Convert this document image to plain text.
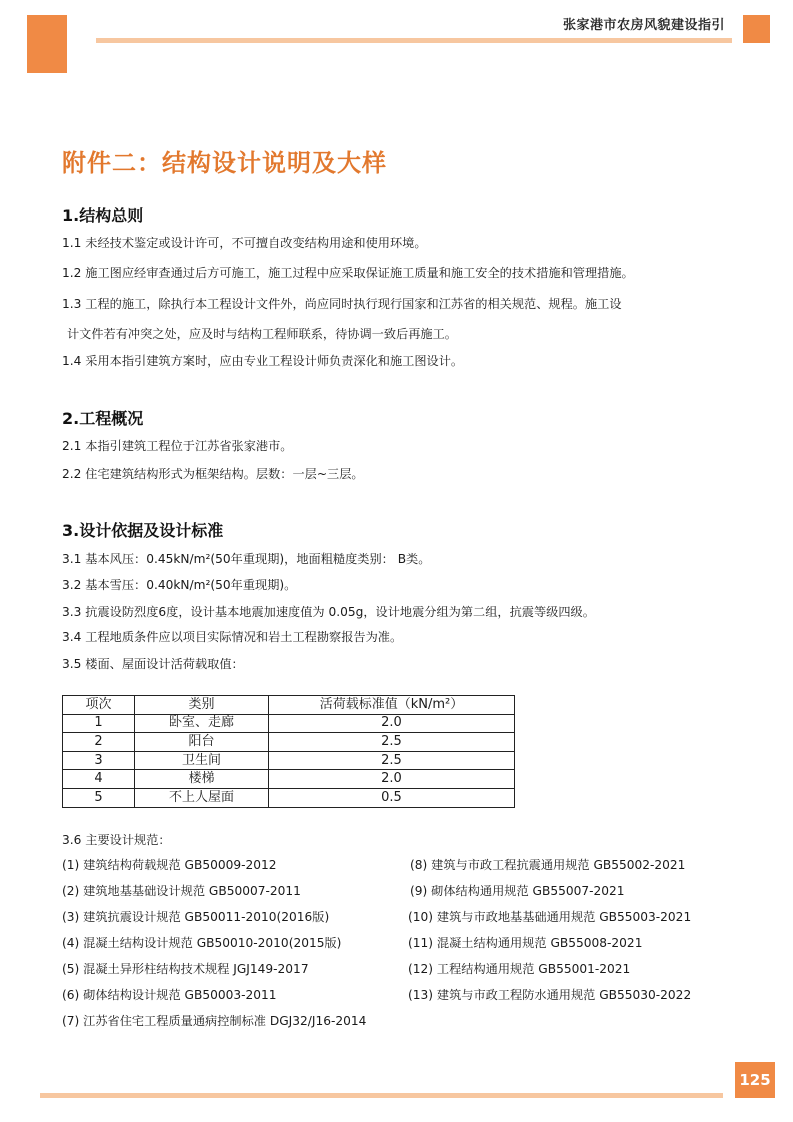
张家港市农房风貌建设指引
附件二：结构设计说明及大样
1.结构总则
1.1 未经技术鉴定或设计许可，不可擅自改变结构用途和使用环境。
1.2 施工图应经审查通过后方可施工，施工过程中应采取保证施工质量和施工安全的技术措施和管理措施。
1.3 工程的施工，除执行本工程设计文件外，尚应同时执行现行国家和江苏省的相关规范、规程。施工设
计文件若有冲突之处，应及时与结构工程师联系，待协调一致后再施工。
1.4 采用本指引建筑方案时，应由专业工程设计师负责深化和施工图设计。
2.工程概况
2.1 本指引建筑工程位于江苏省张家港市。
2.2 住宅建筑结构形式为框架结构。层数：一层~三层。
3.设计依据及设计标准
3.1 基本风压：0.45kN/m²(50年重现期)，地面粗糙度类别： B类。
3.2 基本雪压：0.40kN/m²(50年重现期)。
3.3 抗震设防烈度6度，设计基本地震加速度值为 0.05g，设计地震分组为第二组，抗震等级四级。
3.4 工程地质条件应以项目实际情况和岩土工程勘察报告为准。
3.5 楼面、屋面设计活荷载取值：
项次	类别	活荷载标准值（kN/m²）
1	卧室、走廊	2.0
2	阳台	2.5
3	卫生间	2.5
4	楼梯	2.0
5	不上人屋面	0.5
3.6 主要设计规范：
(1) 建筑结构荷载规范 GB50009-2012
(2) 建筑地基基础设计规范 GB50007-2011
(3) 建筑抗震设计规范 GB50011-2010(2016版)
(4) 混凝土结构设计规范 GB50010-2010(2015版)
(5) 混凝土异形柱结构技术规程 JGJ149-2017
(6) 砌体结构设计规范 GB50003-2011
(7) 江苏省住宅工程质量通病控制标准 DGJ32/J16-2014
(8) 建筑与市政工程抗震通用规范 GB55002-2021
(9) 砌体结构通用规范 GB55007-2021
(10) 建筑与市政地基基础通用规范 GB55003-2021
(11) 混凝土结构通用规范 GB55008-2021
(12) 工程结构通用规范 GB55001-2021
(13) 建筑与市政工程防水通用规范 GB55030-2022
125
